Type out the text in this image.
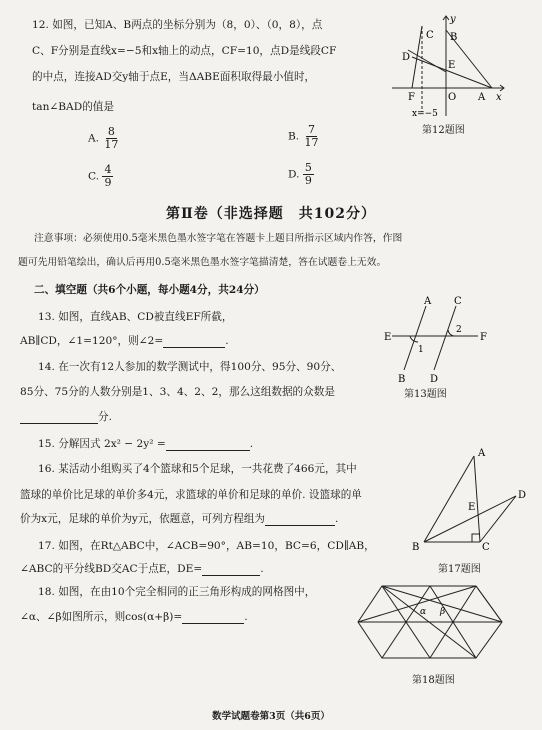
12. 如图，已知A、B两点的坐标分别为（8，0）、（0，8），点
C、F分别是直线x=−5和x轴上的动点，CF=10，点D是线段CF
的中点，连接AD交y轴于点E，当ΔABE面积取得最小值时，
tan∠BAD的值是
A. $\frac{8}{17}$	B. $\frac{7}{17}$
C. $\frac{4}{9}$	D. $\frac{5}{9}$
C
y
B
D
E
F	O A x
x=−5
第12题图
第Ⅱ卷（非选择题　共102分）
注意事项：必须使用0.5毫米黑色墨水签字笔在答题卡上题目所指示区域内作答，作图
题可先用铅笔绘出，确认后再用0.5毫米黑色墨水签字笔描清楚，答在试题卷上无效。
二、填空题（共6个小题，每小题4分，共24分）
13. 如图，直线AB、CD被直线EF所截，
AB∥CD，∠1=120°，则∠2=	.
A C
E	F
1
2
B D
第13题图
14. 在一次有12人参加的数学测试中，得100分、95分、90分、
85分、75分的人数分别是1、3、4、2、2，那么这组数据的众数是
分.
15. 分解因式 2x² − 2y² =	.
16. 某活动小组购买了4个篮球和5个足球，一共花费了466元，其中
篮球的单价比足球的单价多4元，求篮球的单价和足球的单价. 设篮球的单
价为x元，足球的单价为y元，依题意，可列方程组为	.
A
D
E
B	C
17. 如图，在Rt△ABC中，∠ACB=90°，AB=10，BC=6，CD∥AB，
∠ABC的平分线BD交AC于点E，DE=	.	第17题图
18. 如图，在由10个完全相同的正三角形构成的网格图中，
∠α、∠β如图所示，则cos(α+β)=	.	α β
第18题图
数学试题卷第3页（共6页）
